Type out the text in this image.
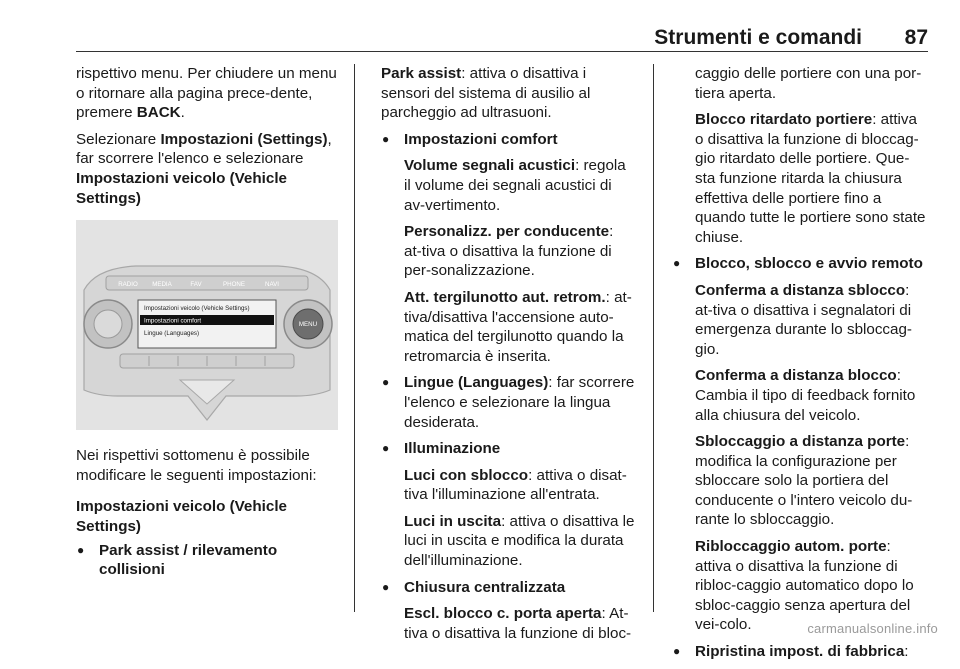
Strumenti e comandi 87

rispettivo menu. Per chiudere un menu o ritornare alla pagina prece-dente, premere BACK.

Selezionare Impostazioni (Settings), far scorrere l'elenco e selezionare Impostazioni veicolo (Vehicle Settings)

RADIO MEDIA	FAV	PHONE	NAVI
MENU
Impostazioni veicolo (Vehicle Settings)
Impostazioni comfort
Lingue (Languages)

Nei rispettivi sottomenu è possibile modificare le seguenti impostazioni:

Impostazioni veicolo (Vehicle Settings)
● Park assist / rilevamento collisioni

Park assist: attiva o disattiva i sensori del sistema di ausilio al parcheggio ad ultrasuoni.

● Impostazioni comfort

Volume segnali acustici: regola il volume dei segnali acustici di av-vertimento.

Personalizz. per conducente: at-tiva o disattiva la funzione di per-sonalizzazione.

Att. tergilunotto aut. retrom.: at-tiva/disattiva l'accensione auto-matica del tergilunotto quando la retromarcia è inserita.

● Lingue (Languages): far scorrere l'elenco e selezionare la lingua desiderata.
● Illuminazione

Luci con sblocco: attiva o disat-tiva l'illuminazione all'entrata.

Luci in uscita: attiva o disattiva le luci in uscita e modifica la durata dell'illuminazione.

● Chiusura centralizzata

Escl. blocco c. porta aperta: At-tiva o disattiva la funzione di bloc-

caggio delle portiere con una por-tiera aperta.

Blocco ritardato portiere: attiva o disattiva la funzione di bloccag-gio ritardato delle portiere. Que-sta funzione ritarda la chiusura effettiva delle portiere fino a quando tutte le portiere sono state chiuse.

● Blocco, sblocco e avvio remoto

Conferma a distanza sblocco: at-tiva o disattiva i segnalatori di emergenza durante lo sbloccag-gio.

Conferma a distanza blocco: Cambia il tipo di feedback fornito alla chiusura del veicolo.

Sbloccaggio a distanza porte: modifica la configurazione per sbloccare solo la portiera del conducente o l'intero veicolo du-rante lo sbloccaggio.

Ribloccaggio autom. porte: attiva o disattiva la funzione di ribloc-caggio automatico dopo lo sbloc-caggio senza apertura del vei-colo.

● Ripristina impost. di fabbrica:
carmanualsonline.info
